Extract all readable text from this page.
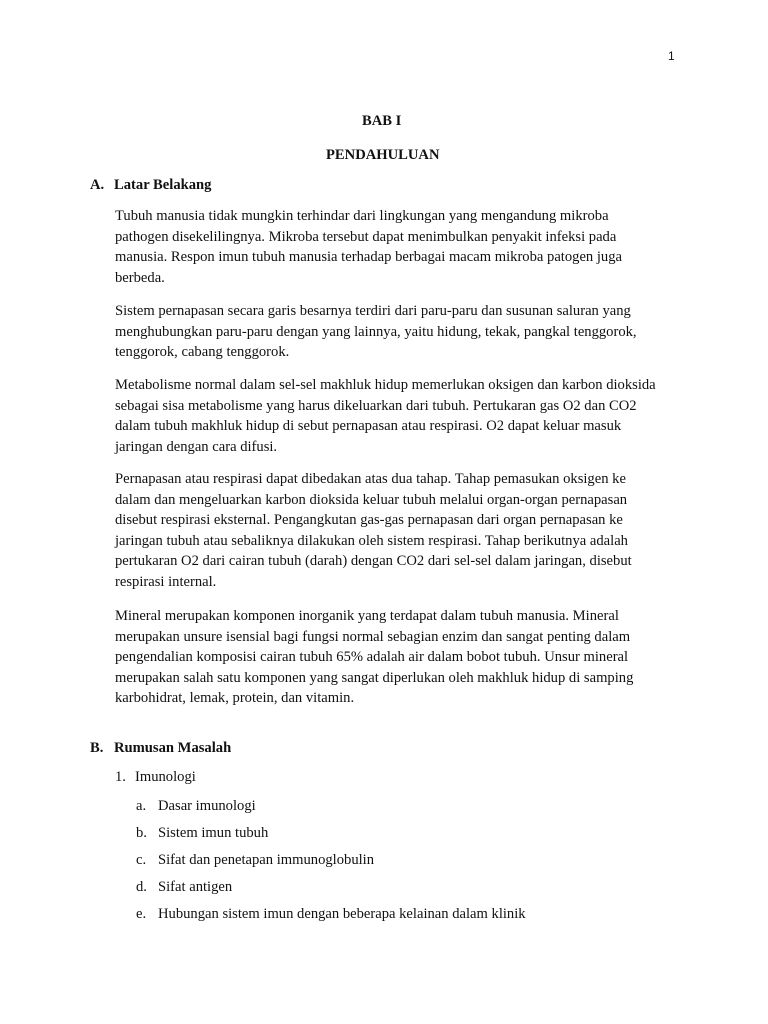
1
BAB I
PENDAHULUAN
A. Latar Belakang

Tubuh manusia tidak mungkin terhindar dari lingkungan yang mengandung mikroba pathogen disekelilingnya. Mikroba tersebut dapat menimbulkan penyakit infeksi pada manusia. Respon imun tubuh manusia terhadap berbagai macam mikroba patogen juga berbeda.

Sistem pernapasan secara garis besarnya terdiri dari paru-paru dan susunan saluran yang menghubungkan paru-paru dengan yang lainnya, yaitu hidung, tekak, pangkal tenggorok, tenggorok, cabang tenggorok.

Metabolisme normal dalam sel-sel makhluk hidup memerlukan oksigen dan karbon dioksida sebagai sisa metabolisme yang harus dikeluarkan dari tubuh. Pertukaran gas O2 dan CO2 dalam tubuh makhluk hidup di sebut pernapasan atau respirasi. O2 dapat keluar masuk jaringan dengan cara difusi.

Pernapasan atau respirasi dapat dibedakan atas dua tahap. Tahap pemasukan oksigen ke dalam dan mengeluarkan karbon dioksida keluar tubuh melalui organ-organ pernapasan disebut respirasi eksternal. Pengangkutan gas-gas pernapasan dari organ pernapasan ke jaringan tubuh atau sebaliknya dilakukan oleh sistem respirasi. Tahap berikutnya adalah pertukaran O2 dari cairan tubuh (darah) dengan CO2 dari sel-sel dalam jaringan, disebut respirasi internal.

Mineral merupakan komponen inorganik yang terdapat dalam tubuh manusia. Mineral merupakan unsure isensial bagi fungsi normal sebagian enzim dan sangat penting dalam pengendalian komposisi cairan tubuh 65% adalah air dalam bobot tubuh. Unsur mineral merupakan salah satu komponen yang sangat diperlukan oleh makhluk hidup di samping karbohidrat, lemak, protein, dan vitamin.

B. Rumusan Masalah
1. Imunologi
a. Dasar imunologi
b. Sistem imun tubuh
c. Sifat dan penetapan immunoglobulin
d. Sifat antigen
e. Hubungan sistem imun dengan beberapa kelainan dalam klinik
